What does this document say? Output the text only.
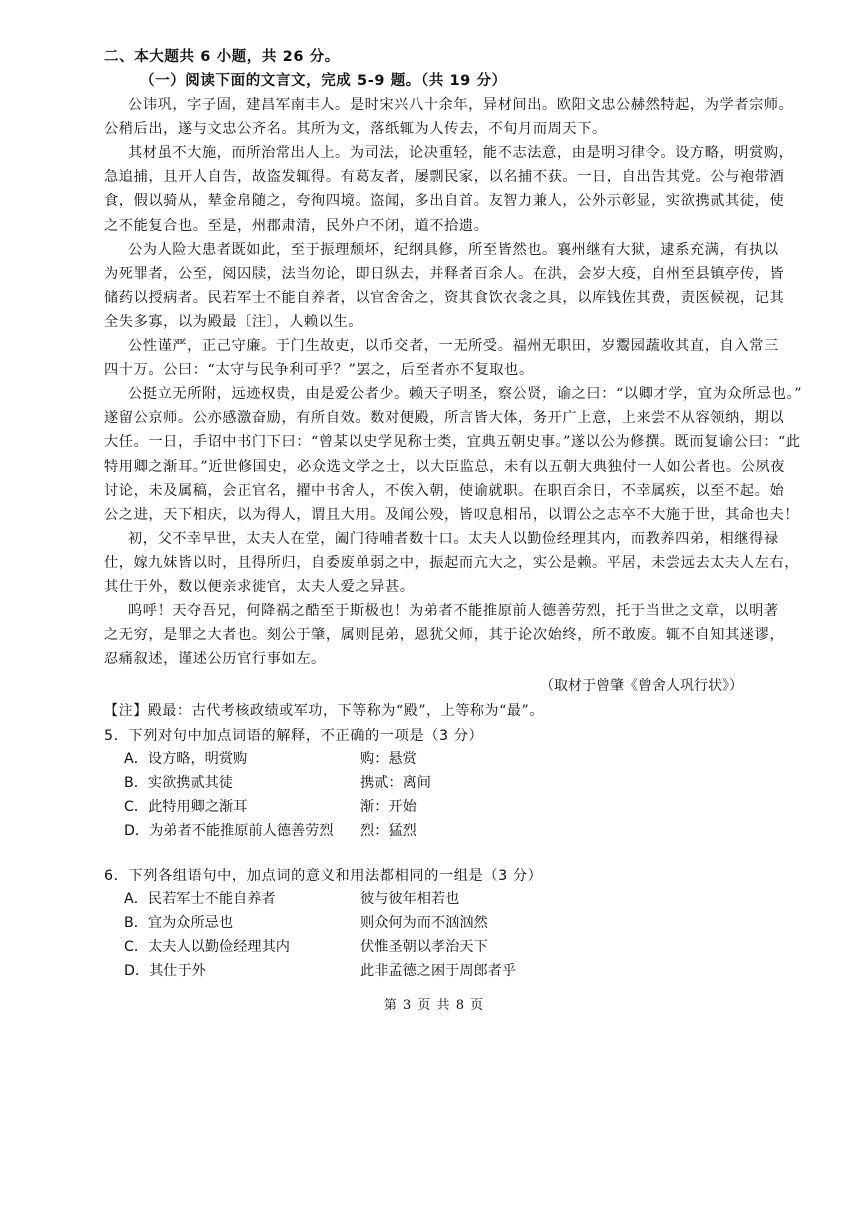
二、本大题共 6 小题，共 26 分。
（一）阅读下面的文言文，完成 5-9 题。（共 19 分）
公讳巩，字子固，建昌军南丰人。是时宋兴八十余年，异材间出。欧阳文忠公赫然特起，为学者宗师。
公稍后出，遂与文忠公齐名。其所为文，落纸辄为人传去，不旬月而周天下。
其材虽不大施，而所治常出人上。为司法，论决重轻，能不志法意，由是明习律令。设方略，明赏购，
急追捕，且开人自告，故盗发辄得。有葛友者，屡剽民家，以名捕不获。一日，自出告其党。公与袍带酒
食，假以骑从，辇金帛随之，夸徇四境。盗闻，多出自首。友智力兼人，公外示彰显，实欲携贰其徒，使
之不能复合也。至是，州郡肃清，民外户不闭，道不拾遗。
公为人险大患者既如此，至于振理颓坏，纪纲具修，所至皆然也。襄州继有大狱，逮系充满，有执以
为死罪者，公至，阅囚牍，法当勿论，即日纵去，并释者百余人。在洪，会岁大疫，自州至县镇亭传，皆
储药以授病者。民若军士不能自养者，以官舍舍之，资其食饮衣衾之具，以库钱佐其费，责医候视，记其
全失多寡，以为殿最〔注〕，人赖以生。
公性谨严，正己守廉。于门生故吏，以币交者，一无所受。福州无职田，岁鬻园蔬收其直，自入常三
四十万。公曰：“太守与民争利可乎？”罢之，后至者亦不复取也。
公挺立无所附，远迹权贵，由是爱公者少。赖天子明圣，察公贤，谕之曰：“以卿才学，宜为众所忌也。”
遂留公京师。公亦感激奋励，有所自效。数对便殿，所言皆大体，务开广上意，上来尝不从容领纳，期以
大任。一日，手诏中书门下曰：“曾某以史学见称士类，宜典五朝史事。”遂以公为修撰。既而复谕公曰：“此
特用卿之渐耳。”近世修国史，必众选文学之士，以大臣监总，未有以五朝大典独付一人如公者也。公夙夜
讨论，未及属稿，会正官名，擢中书舍人，不俟入朝，使谕就职。在职百余日，不幸属疾，以至不起。始
公之进，天下相庆，以为得人，谓且大用。及闻公殁，皆叹息相吊，以谓公之志卒不大施于世，其命也夫！
初，父不幸早世，太夫人在堂，阖门待哺者数十口。太夫人以勤俭经理其内，而教养四弟，相继得禄
仕，嫁九妹皆以时，且得所归，自委废单弱之中，振起而亢大之，实公是赖。平居，未尝远去太夫人左右，
其仕于外，数以便亲求徙官，太夫人爱之异甚。
呜呼！天夺吾兄，何降祸之酷至于斯极也！为弟者不能推原前人德善劳烈，托于当世之文章，以明著
之无穷，是罪之大者也。刻公于肇，属则昆弟，恩犹父师，其于论次始终，所不敢废。辄不自知其迷谬，
忍痛叙述，谨述公历官行事如左。
（取材于曾肇《曾舍人巩行状》）
【注】殿最：古代考核政绩或军功，下等称为“殿”，上等称为“最”。
5．下列对句中加点词语的解释，不正确的一项是（3 分）
A．设方略，明赏购	购：悬赏
B．实欲携贰其徒	携贰：离间
C．此特用卿之渐耳	渐：开始
D．为弟者不能推原前人德善劳烈 烈：猛烈
6．下列各组语句中，加点词的意义和用法都相同的一组是（3 分）
A．民若军士不能自养者	彼与彼年相若也
B．宜为众所忌也	则众何为而不汹汹然
C．太夫人以勤俭经理其内	伏惟圣朝以孝治天下
D．其仕于外	此非孟德之困于周郎者乎
第 3 页 共 8 页
